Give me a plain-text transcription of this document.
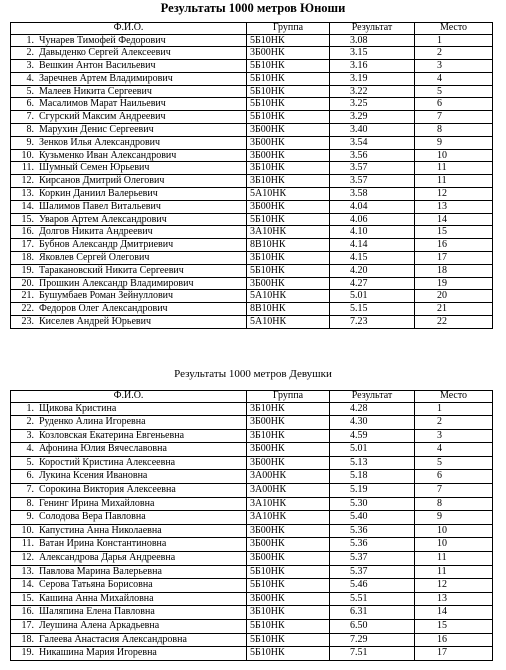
Результаты 1000 метров Юноши
Ф.И.О.	Группа	Результат	Место
1. Чунарев Тимофей Федорович	5Б10НК	3.08	1
2. Давыденко Сергей Алексеевич	3Б00НК	3.15	2
3. Вешкин Антон Васильевич	5Б10НК	3.16	3
4. Заречнев Артем Владимирович	5Б10НК	3.19	4
5. Малеев Никита Сергеевич	5Б10НК	3.22	5
6. Масалимов Марат Наильевич	5Б10НК	3.25	6
7. Сгурский Максим Андреевич	5Б10НК	3.29	7
8. Марухин Денис Сергеевич	3Б00НК	3.40	8
9. Зенков Илья Александрович	3Б00НК	3.54	9
10. Кузьменко Иван Александрович	3Б00НК	3.56	10
11. Шумный Семен Юрьевич	3Б10НК	3.57	11
12. Кирсанов Дмитрий Олегович	3Б10НК	3.57	11
13. Коркин Даниил Валерьевич	5А10НК	3.58	12
14. Шалимов Павел Витальевич	3Б00НК	4.04	13
15. Уваров Артем Александрович	5Б10НК	4.06	14
16. Долгов Никита Андреевич	3А10НК	4.10	15
17. Бубнов Александр Дмитриевич	8В10НК	4.14	16
18. Яковлев Сергей Олегович	3Б10НК	4.15	17
19. Тараканoвский Никита Сергеевич	5Б10НК	4.20	18
20. Прошкин Александр Владимирович	3Б00НК	4.27	19
21. Бушумбаев Роман Зейнуллович	5А10НК	5.01	20
22. Федоров Олег Александрович	8В10НК	5.15	21
23. Киселев Андрей Юрьевич	5А10НК	7.23	22
Результаты 1000 метров Девушки
Ф.И.О.	Группа	Результат	Место
1. Щикова Кристина	3Б10НК	4.28	1
2. Руденко Алина Игоревна	3Б00НК	4.30	2
3. Козловская Екатерина Евгеньевна	3Б10НК	4.59	3
4. Афонина Юлия Вячеславовна	3Б00НК	5.01	4
5. Коростий Кристина Алексеевна	3Б00НК	5.13	5
6. Лукина Ксения Ивановна	3А00НК	5.18	6
7. Сорокина Виктория Алексеевна	3А00НК	5.19	7
8. Генинг Ирина Михайловна	3А10НК	5.30	8
9. Солодова Вера Павловна	3А10НК	5.40	9
10. Капустина Анна Николаевна	3Б00НК	5.36	10
11. Ватан Ирина Константиновна	3Б00НК	5.36	10
12. Александрова Дарья Андреевна	3Б00НК	5.37	11
13. Павлова Марина Валерьевна	5Б10НК	5.37	11
14. Серова Татьяна Борисовна	5Б10НК	5.46	12
15. Кашина Анна Михайловна	3Б00НК	5.51	13
16. Шаляпина Елена Павловна	3Б10НК	6.31	14
17. Леушина Алена Аркадьевна	5Б10НК	6.50	15
18. Галеева Анастасия Александровна	5Б10НК	7.29	16
19. Никашина Мария Игоревна	5Б10НК	7.51	17
